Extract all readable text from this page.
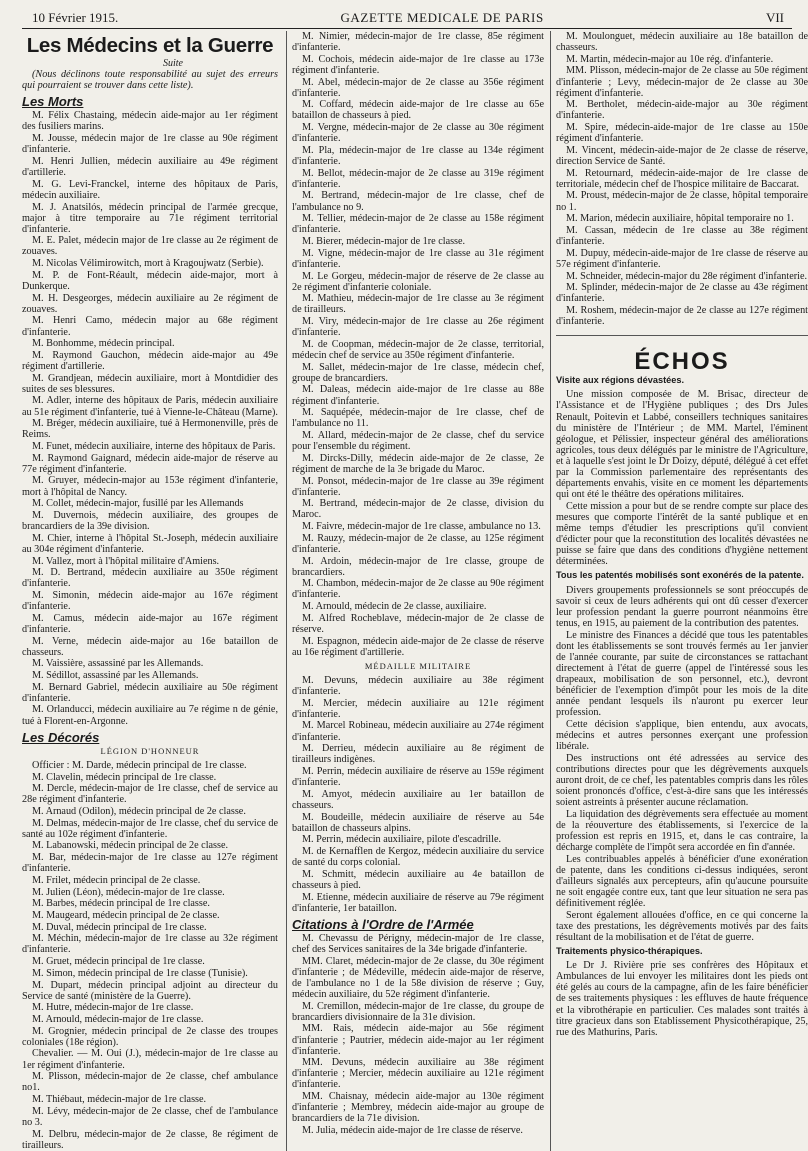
10 Février 1915.	GAZETTE MEDICALE DE PARIS	VII
Les Médecins et la Guerre
Suite

(Nous déclinons toute responsabilité au sujet des erreurs qui pourraient se trouver dans cette liste).

Les Morts

M. Félix Chastaing, médecin aide-major au 1er régiment des fusiliers marins.

M. Jousse, médecin major de 1re classe au 90e régiment d'infanterie.

M. Henri Jullien, médecin auxiliaire au 49e régiment d'artillerie.

M. G. Levi-Franckel, interne des hôpitaux de Paris, médecin auxiliaire.

M. J. Anatsilós, médecin principal de l'armée grecque, major à titre temporaire au 71e régiment territorial d'infanterie.

M. E. Palet, médecin major de 1re classe au 2e régiment de zouaves.

M. Nicolas Vélimirowitch, mort à Kragoujwatz (Serbie).

M. P. de Font-Réault, médecin aide-major, mort à Dunkerque.

M. H. Desgeorges, médecin auxiliaire au 2e régiment de zouaves.

M. Henri Camo, médecin major au 68e régiment d'infanterie.

M. Bonhomme, médecin principal.

M. Raymond Gauchon, médecin aide-major au 49e régiment d'artillerie.

M. Grandjean, médecin auxiliaire, mort à Montdidier des suites de ses blessures.

M. Adler, interne des hôpitaux de Paris, médecin auxiliaire au 51e régiment d'infanterie, tué à Vienne-le-Château (Marne).

M. Bréger, médecin auxiliaire, tué à Hermonenville, près de Reims.

M. Funet, médecin auxiliaire, interne des hôpitaux de Paris.

M. Raymond Gaignard, médecin aide-major de réserve au 77e régiment d'infanterie.

M. Gruyer, médecin-major au 153e régiment d'infanterie, mort à l'hôpital de Nancy.

M. Collet, médecin-major, fusillé par les Allemands

M. Duvernois, médecin auxiliaire, des groupes de brancardiers de la 39e division.

M. Chier, interne à l'hôpital St.-Joseph, médecin auxiliaire au 304e régiment d'infanterie.

M. Vallez, mort à l'hôpital militaire d'Amiens.

M. D. Bertrand, médecin auxiliaire au 350e régiment d'infanterie.

M. Simonin, médecin aide-major au 167e régiment d'infanterie.

M. Camus, médecin aide-major au 167e régiment d'infanterie.

M. Verne, médecin aide-major au 16e bataillon de chasseurs.

M. Vaissière, assassiné par les Allemands.

M. Sédillot, assassiné par les Allemands.

M. Bernard Gabriel, médecin auxiliaire au 50e régiment d'infanterie.

M. Orlanducci, médecin auxiliaire au 7e régime n de génie, tué à Florent-en-Argonne.

Les Décorés
LÉGION D'HONNEUR

Officier : M. Darde, médecin principal de 1re classe.

M. Clavelin, médecin principal de 1re classe.

M. Dercle, médecin-major de 1re classe, chef de service au 28e régiment d'infanterie.

M. Arnaud (Odilon), médecin principal de 2e classe.

M. Delmas, médecin-major de 1re classe, chef du service de santé au 102e régiment d'infanterie.

M. Labanowski, médecin principal de 2e classe.

M. Bar, médecin-major de 1re classe au 127e régiment d'infanterie.

M. Frilet, médecin principal de 2e classe.

M. Julien (Léon), médecin-major de 1re classe.

M. Barbes, médecin principal de 1re classe.

M. Maugeard, médecin principal de 2e classe.

M. Duval, médecin principal de 1re classe.

M. Méchin, médecin-major de 1re classe au 32e régiment d'infanterie.

M. Gruet, médecin principal de 1re classe.

M. Simon, médecin principal de 1re classe (Tunisie).

M. Dupart, médecin principal adjoint au directeur du Service de santé (ministère de la Guerre).

M. Hutre, médecin-major de 1re classe.

M. Arnould, médecin-major de 1re classe.

M. Grognier, médecin principal de 2e classe des troupes coloniales (18e région).

Chevalier. — M. Oui (J.), médecin-major de 1re classe au 1er régiment d'infanterie.

M. Plisson, médecin-major de 2e classe, chef ambulance no1.

M. Thiébaut, médecin-major de 1re classe.

M. Lévy, médecin-major de 2e classe, chef de l'ambulance no 3.

M. Delbru, médecin-major de 2e classe, 8e régiment de tirailleurs.

M. Nimier, médecin-major de 1re classe, 85e régiment d'infanterie.

M. Cochois, médecin aide-major de 1re classe au 173e régiment d'infanterie.

M. Abel, médecin-major de 2e classe au 356e régiment d'infanterie.

M. Coffard, médecin aide-major de 1re classe au 65e bataillon de chasseurs à pied.

M. Vergne, médecin-major de 2e classe au 30e régiment d'infanterie.

M. Pla, médecin-major de 1re classe au 134e régiment d'infanterie.

M. Bellot, médecin-major de 2e classe au 319e régiment d'infanterie.

M. Bertrand, médecin-major de 1re classe, chef de l'ambulance no 9.

M. Tellier, médecin-major de 2e classe au 158e régiment d'infanterie.

M. Bierer, médecin-major de 1re classe.

M. Vigne, médecin-major de 1re classe au 31e régiment d'infanterie.

M. Le Gorgeu, médecin-major de réserve de 2e classe au 2e régiment d'infanterie coloniale.

M. Mathieu, médecin-major de 1re classe au 3e régiment de tirailleurs.

M. Viry, médecin-major de 1re classe au 26e régiment d'infanterie.

M. de Coopman, médecin-major de 2e classe, territorial, médecin chef de service au 350e régiment d'infanterie.

M. Sallet, médecin-major de 1re classe, médecin chef, groupe de brancardiers.

M. Daleas, médecin aide-major de 1re classe au 88e régiment d'infanterie.

M. Saquépée, médecin-major de 1re classe, chef de l'ambulance no 11.

M. Allard, médecin-major de 2e classe, chef du service pour l'ensemble du régiment.

M. Dircks-Dilly, médecin aide-major de 2e classe, 2e régiment de marche de la 3e brigade du Maroc.

M. Ponsot, médecin-major de 1re classe au 39e régiment d'infanterie.

M. Bertrand, médecin-major de 2e classe, division du Maroc.

M. Faivre, médecin-major de 1re classe, ambulance no 13.

M. Rauzy, médecin-major de 2e classe, au 125e régiment d'infanterie.

M. Ardoin, médecin-major de 1re classe, groupe de brancardiers.

M. Chambon, médecin-major de 2e classe au 90e régiment d'infanterie.

M. Arnould, médecin de 2e classe, auxiliaire.

M. Alfred Rocheblave, médecin-major de 2e classe de réserve.

M. Espagnon, médecin aide-major de 2e classe de réserve au 16e régiment d'artillerie.

MÉDAILLE MILITAIRE

M. Devuns, médecin auxiliaire au 38e régiment d'infanterie.

M. Mercier, médecin auxiliaire au 121e régiment d'infanterie.

M. Marcel Robineau, médecin auxiliaire au 274e régiment d'infanterie.

M. Derrieu, médecin auxiliaire au 8e régiment de tirailleurs indigènes.

M. Perrin, médecin auxiliaire de réserve au 159e régiment d'infanterie.

M. Amyot, médecin auxiliaire au 1er bataillon de chasseurs.

M. Boudeille, médecin auxiliaire de réserve au 54e bataillon de chasseurs alpins.

M. Perrin, médecin auxiliaire, pilote d'escadrille.

M. de Kernafflen de Kergoz, médecin auxiliaire du service de santé du corps colonial.

M. Schmitt, médecin auxiliaire au 4e bataillon de chasseurs à pied.

M. Etienne, médecin auxiliaire de réserve au 79e régiment d'infanterie, 1er bataillon.

Citations à l'Ordre de l'Armée

M. Chevassu de Périgny, médecin-major de 1re classe, chef des Services sanitaires de la 34e brigade d'infanterie.

MM. Claret, médecin-major de 2e classe, du 30e régiment d'infanterie ; de Médeville, médecin aide-major de réserve, de l'ambulance no 1 de la 58e division de réserve ; Guy, médecin auxiliaire, du 52e régiment d'infanterie.

M. Cremillon, médecin-major de 1re classe, du groupe de brancardiers divisionnaire de la 31e division.

MM. Rais, médecin aide-major au 56e régiment d'infanterie ; Pautrier, médecin aide-major au 1er régiment d'infanterie.

MM. Devuns, médecin auxiliaire au 38e régiment d'infanterie ; Mercier, médecin auxiliaire au 121e régiment d'infanterie.

MM. Chaisnay, médecin aide-major au 130e régiment d'infanterie ; Membrey, médecin aide-major au groupe de brancardiers de la 71e division.

M. Julia, médecin aide-major de 1re classe de réserve.

M. Moulonguet, médecin auxiliaire au 18e bataillon de chasseurs.

M. Martin, médecin-major au 10e rég. d'infanterie.

MM. Plisson, médecin-major de 2e classe au 50e régiment d'infanterie ; Levy, médecin-major de 2e classe au 30e régiment d'infanterie.

M. Bertholet, médecin-aide-major au 30e régiment d'infanterie.

M. Spire, médecin-aide-major de 1re classe au 150e régiment d'infanterie.

M. Vincent, médecin-aide-major de 2e classe de réserve, direction Service de Santé.

M. Retournard, médecin-aide-major de 1re classe de territoriale, médecin chef de l'hospice militaire de Baccarat.

M. Proust, médecin-major de 2e classe, hôpital temporaire no 1.

M. Marion, médecin auxiliaire, hôpital temporaire no 1.

M. Cassan, médecin de 1re classe au 38e régiment d'infanterie.

M. Dupuy, médecin-aide-major de 1re classe de réserve au 57e régiment d'infanterie.

M. Schneider, médecin-major du 28e régiment d'infanterie.

M. Splinder, médecin-major de 2e classe au 43e régiment d'infanterie.

M. Roshem, médecin-major de 2e classe au 127e régiment d'infanterie.

ÉCHOS
Visite aux régions dévastées.

Une mission composée de M. Brisac, directeur de l'Assistance et de l'Hygiène publiques ; des Drs Jules Renault, Poitevin et Labbé, conseillers techniques sanitaires du ministère de l'Intérieur ; de MM. Martel, l'éminent géologue, et Pélissier, inspecteur général des améliorations agricoles, tous deux délégués par le ministre de l'Agriculture, et à laquelle s'est joint le Dr Doizy, député, délégué à cet effet par la Commission parlementaire des représentants des départements envahis, visite en ce moment les départements qui ont été le théâtre des opérations militaires.

Cette mission a pour but de se rendre compte sur place des mesures que comporte l'intérêt de la santé publique et en même temps d'étudier les prescriptions qu'il convient d'édicter pour que la reconstitution des localités dévastées ne puisse se faire que dans des conditions d'hygiène nettement déterminées.

Tous les patentés mobilisés sont exonérés de la patente.

Divers groupements professionnels se sont préoccupés de savoir si ceux de leurs adhérents qui ont dû cesser d'exercer leur profession pendant la guerre pourront néanmoins être tenus, en 1915, au paiement de la contribution des patentes.

Le ministre des Finances a décidé que tous les patentables dont les établissements se sont trouvés fermés au 1er janvier de l'année courante, par suite de circonstances se rattachant directement à l'état de guerre (appel de l'intéressé sous les drapeaux, mobilisation de son personnel, etc.), devront bénéficier de l'exemption d'impôt pour les mois de la dite année pendant lesquels ils n'auront pu exercer leur profession.

Cette décision s'applique, bien entendu, aux avocats, médecins et autres personnes exerçant une profession libérale.

Des instructions ont été adressées au service des contributions directes pour que les dégrèvements auxquels auront droit, de ce chef, les patentables compris dans les rôles soient prononcés d'office, c'est-à-dire sans que les intéressés soient astreints à présenter aucune réclamation.

La liquidation des dégrèvements sera effectuée au moment de la réouverture des établissements, si l'exercice de la profession est repris en 1915, et, dans le cas contraire, la décharge complète de l'impôt sera accordée en fin d'année.

Les contribuables appelés à bénéficier d'une exonération de patente, dans les conditions ci-dessus indiquées, seront d'ailleurs signalés aux percepteurs, afin qu'aucune poursuite ne soit engagée contre eux, tant que leur situation ne sera pas définitivement réglée.

Seront également allouées d'office, en ce qui concerne la taxe des prestations, les dégrèvements motivés par des faits résultant de la mobilisation et de l'état de guerre.

Traitements physico-thérapiques.

Le Dr J. Rivière prie ses confrères des Hôpitaux et Ambulances de lui envoyer les militaires dont les pieds ont été gelés au cours de la campagne, afin de les faire bénéficier de ses traitements physiques : les effluves de haute fréquence et la vibrothérapie en particulier. Ces malades sont traités à titre gracieux dans son Etablissement Physicothérapique, 25, rue des Mathurins, Paris.
